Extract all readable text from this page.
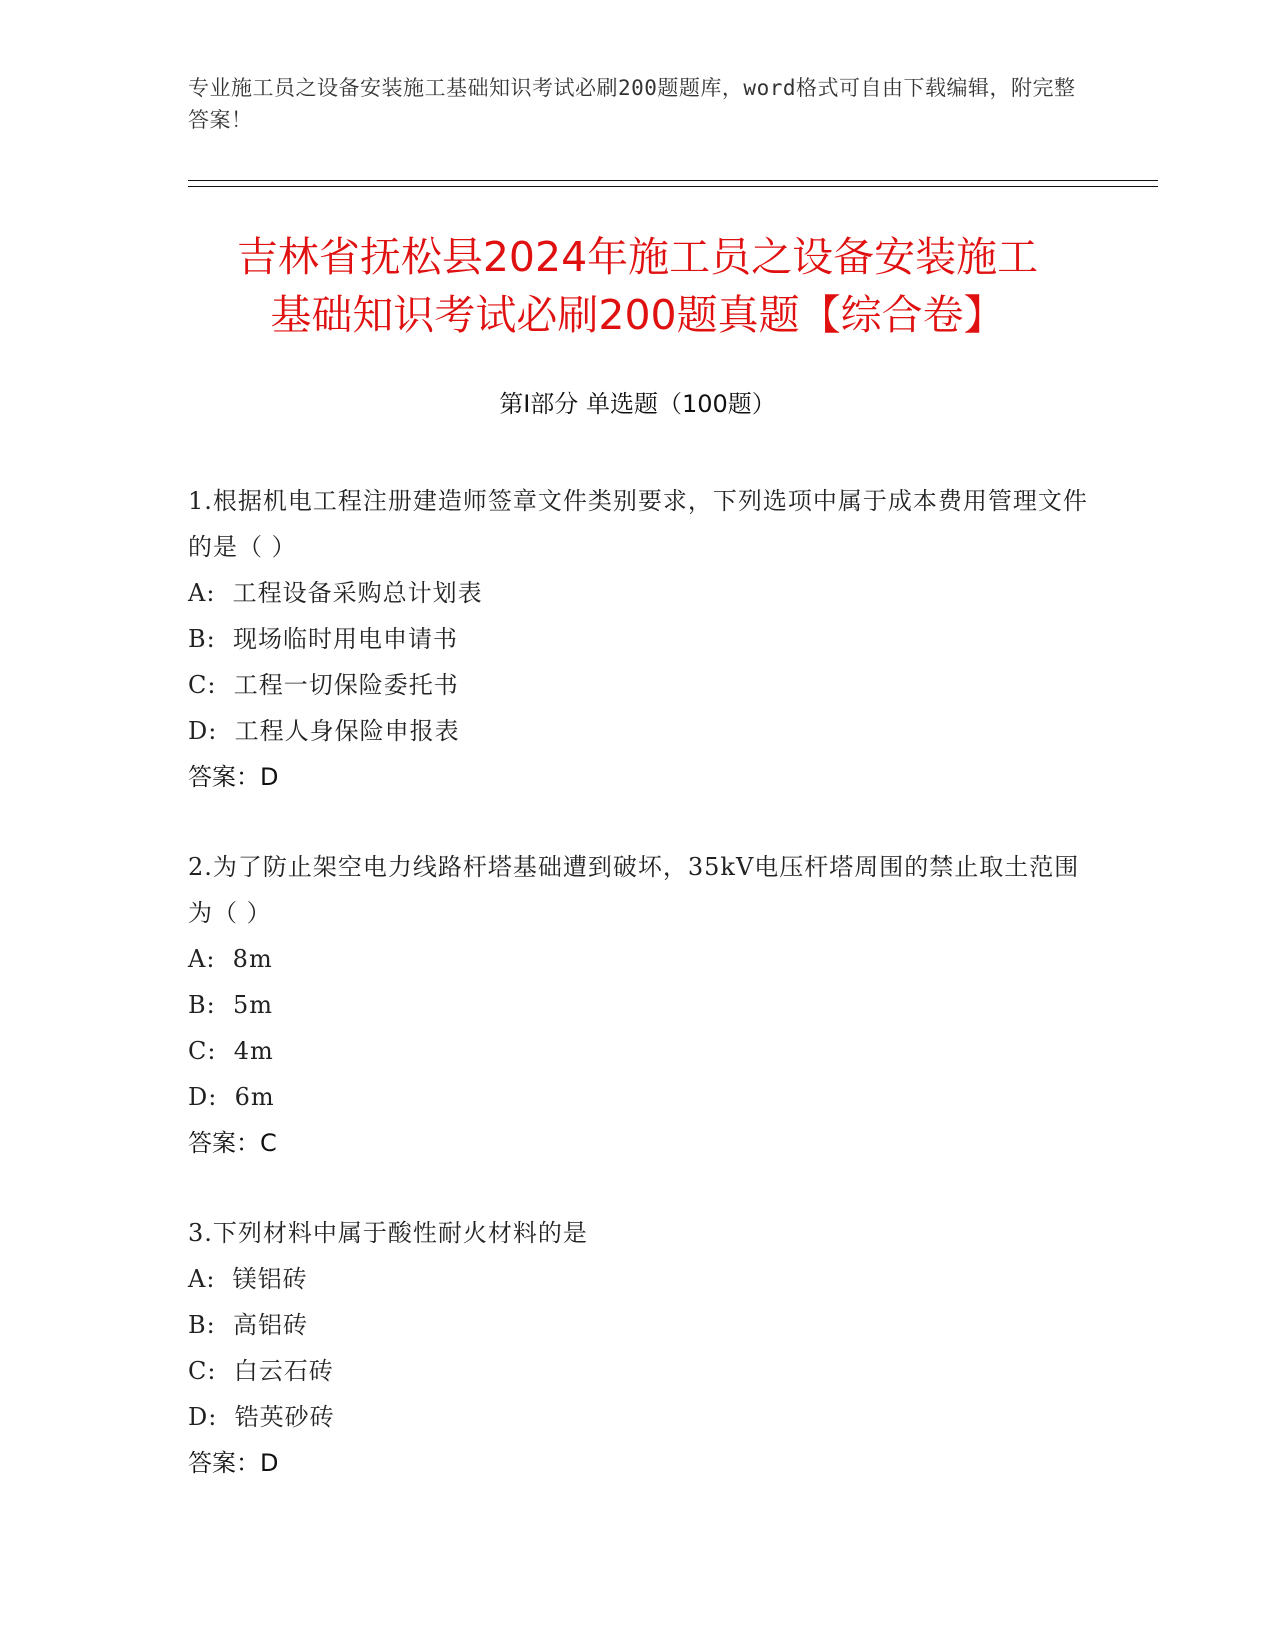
专业施工员之设备安装施工基础知识考试必刷200题题库，word格式可自由下载编辑，附完整答案！
吉林省抚松县2024年施工员之设备安装施工
基础知识考试必刷200题真题【综合卷】
第Ⅰ部分 单选题（100题）
1.根据机电工程注册建造师签章文件类别要求，下列选项中属于成本费用管理文件的是（ ）
A:  工程设备采购总计划表
B:  现场临时用电申请书
C:  工程一切保险委托书
D:  工程人身保险申报表
答案：D
2.为了防止架空电力线路杆塔基础遭到破坏，35kV电压杆塔周围的禁止取土范围为（ ）
A:  8m
B:  5m
C:  4m
D:  6m
答案：C
3.下列材料中属于酸性耐火材料的是
A:  镁铝砖
B:  高铝砖
C:  白云石砖
D:  锆英砂砖
答案：D
